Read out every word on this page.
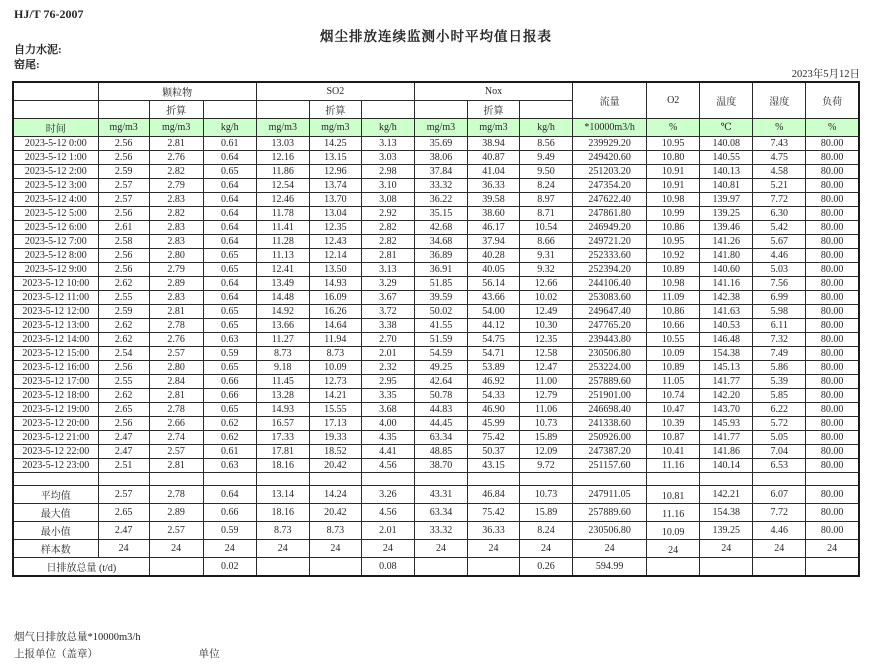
HJ/T 76-2007
烟尘排放连续监测小时平均值日报表
自力水泥:
窑尾:
2023年5月12日
	颗粒物			SO2			Nox			流量	O2	温度	湿度	负荷
		折算			折算			折算						
时间	mg/m3	mg/m3	kg/h	mg/m3	mg/m3	kg/h	mg/m3	mg/m3	kg/h	*10000m3/h	%	℃	%	%
2023-5-12 0:00	2.56	2.81	0.61	13.03	14.25	3.13	35.69	38.94	8.56	239929.20	10.95	140.08	7.43	80.00
2023-5-12 1:00	2.56	2.76	0.64	12.16	13.15	3.03	38.06	40.87	9.49	249420.60	10.80	140.55	4.75	80.00
2023-5-12 2:00	2.59	2.82	0.65	11.86	12.96	2.98	37.84	41.04	9.50	251203.20	10.91	140.13	4.58	80.00
2023-5-12 3:00	2.57	2.79	0.64	12.54	13.74	3.10	33.32	36.33	8.24	247354.20	10.91	140.81	5.21	80.00
2023-5-12 4:00	2.57	2.83	0.64	12.46	13.70	3.08	36.22	39.58	8.97	247622.40	10.98	139.97	7.72	80.00
2023-5-12 5:00	2.56	2.82	0.64	11.78	13.04	2.92	35.15	38.60	8.71	247861.80	10.99	139.25	6.30	80.00
2023-5-12 6:00	2.61	2.83	0.64	11.41	12.35	2.82	42.68	46.17	10.54	246949.20	10.86	139.46	5.42	80.00
2023-5-12 7:00	2.58	2.83	0.64	11.28	12.43	2.82	34.68	37.94	8.66	249721.20	10.95	141.26	5.67	80.00
2023-5-12 8:00	2.56	2.80	0.65	11.13	12.14	2.81	36.89	40.28	9.31	252333.60	10.92	141.80	4.46	80.00
2023-5-12 9:00	2.56	2.79	0.65	12.41	13.50	3.13	36.91	40.05	9.32	252394.20	10.89	140.60	5.03	80.00
2023-5-12 10:00	2.62	2.89	0.64	13.49	14.93	3.29	51.85	56.14	12.66	244106.40	10.98	141.16	7.56	80.00
2023-5-12 11:00	2.55	2.83	0.64	14.48	16.09	3.67	39.59	43.66	10.02	253083.60	11.09	142.38	6.99	80.00
2023-5-12 12:00	2.59	2.81	0.65	14.92	16.26	3.72	50.02	54.00	12.49	249647.40	10.86	141.63	5.98	80.00
2023-5-12 13:00	2.62	2.78	0.65	13.66	14.64	3.38	41.55	44.12	10.30	247765.20	10.66	140.53	6.11	80.00
2023-5-12 14:00	2.62	2.76	0.63	11.27	11.94	2.70	51.59	54.75	12.35	239443.80	10.55	146.48	7.32	80.00
2023-5-12 15:00	2.54	2.57	0.59	8.73	8.73	2.01	54.59	54.71	12.58	230506.80	10.09	154.38	7.49	80.00
2023-5-12 16:00	2.56	2.80	0.65	9.18	10.09	2.32	49.25	53.89	12.47	253224.00	10.89	145.13	5.86	80.00
2023-5-12 17:00	2.55	2.84	0.66	11.45	12.73	2.95	42.64	46.92	11.00	257889.60	11.05	141.77	5.39	80.00
2023-5-12 18:00	2.62	2.81	0.66	13.28	14.21	3.35	50.78	54.33	12.79	251901.00	10.74	142.20	5.85	80.00
2023-5-12 19:00	2.65	2.78	0.65	14.93	15.55	3.68	44.83	46.90	11.06	246698.40	10.47	143.70	6.22	80.00
2023-5-12 20:00	2.56	2.66	0.62	16.57	17.13	4.00	44.45	45.99	10.73	241338.60	10.39	145.93	5.72	80.00
2023-5-12 21:00	2.47	2.74	0.62	17.33	19.33	4.35	63.34	75.42	15.89	250926.00	10.87	141.77	5.05	80.00
2023-5-12 22:00	2.47	2.57	0.61	17.81	18.52	4.41	48.85	50.37	12.09	247387.20	10.41	141.86	7.04	80.00
2023-5-12 23:00	2.51	2.81	0.63	18.16	20.42	4.56	38.70	43.15	9.72	251157.60	11.16	140.14	6.53	80.00

平均值	2.57	2.78	0.64	13.14	14.24	3.26	43.31	46.84	10.73	247911.05	10.81	142.21	6.07	80.00
最大值	2.65	2.89	0.66	18.16	20.42	4.56	63.34	75.42	15.89	257889.60	11.16	154.38	7.72	80.00
最小值	2.47	2.57	0.59	8.73	8.73	2.01	33.32	36.33	8.24	230506.80	10.09	139.25	4.46	80.00
样本数	24	24	24	24	24	24	24	24	24	24	24	24	24	24
日排放总量 (t/d)			0.02			0.08			0.26	594.99				
烟气日排放总量*10000m3/h
上报单位（盖章）	单位
